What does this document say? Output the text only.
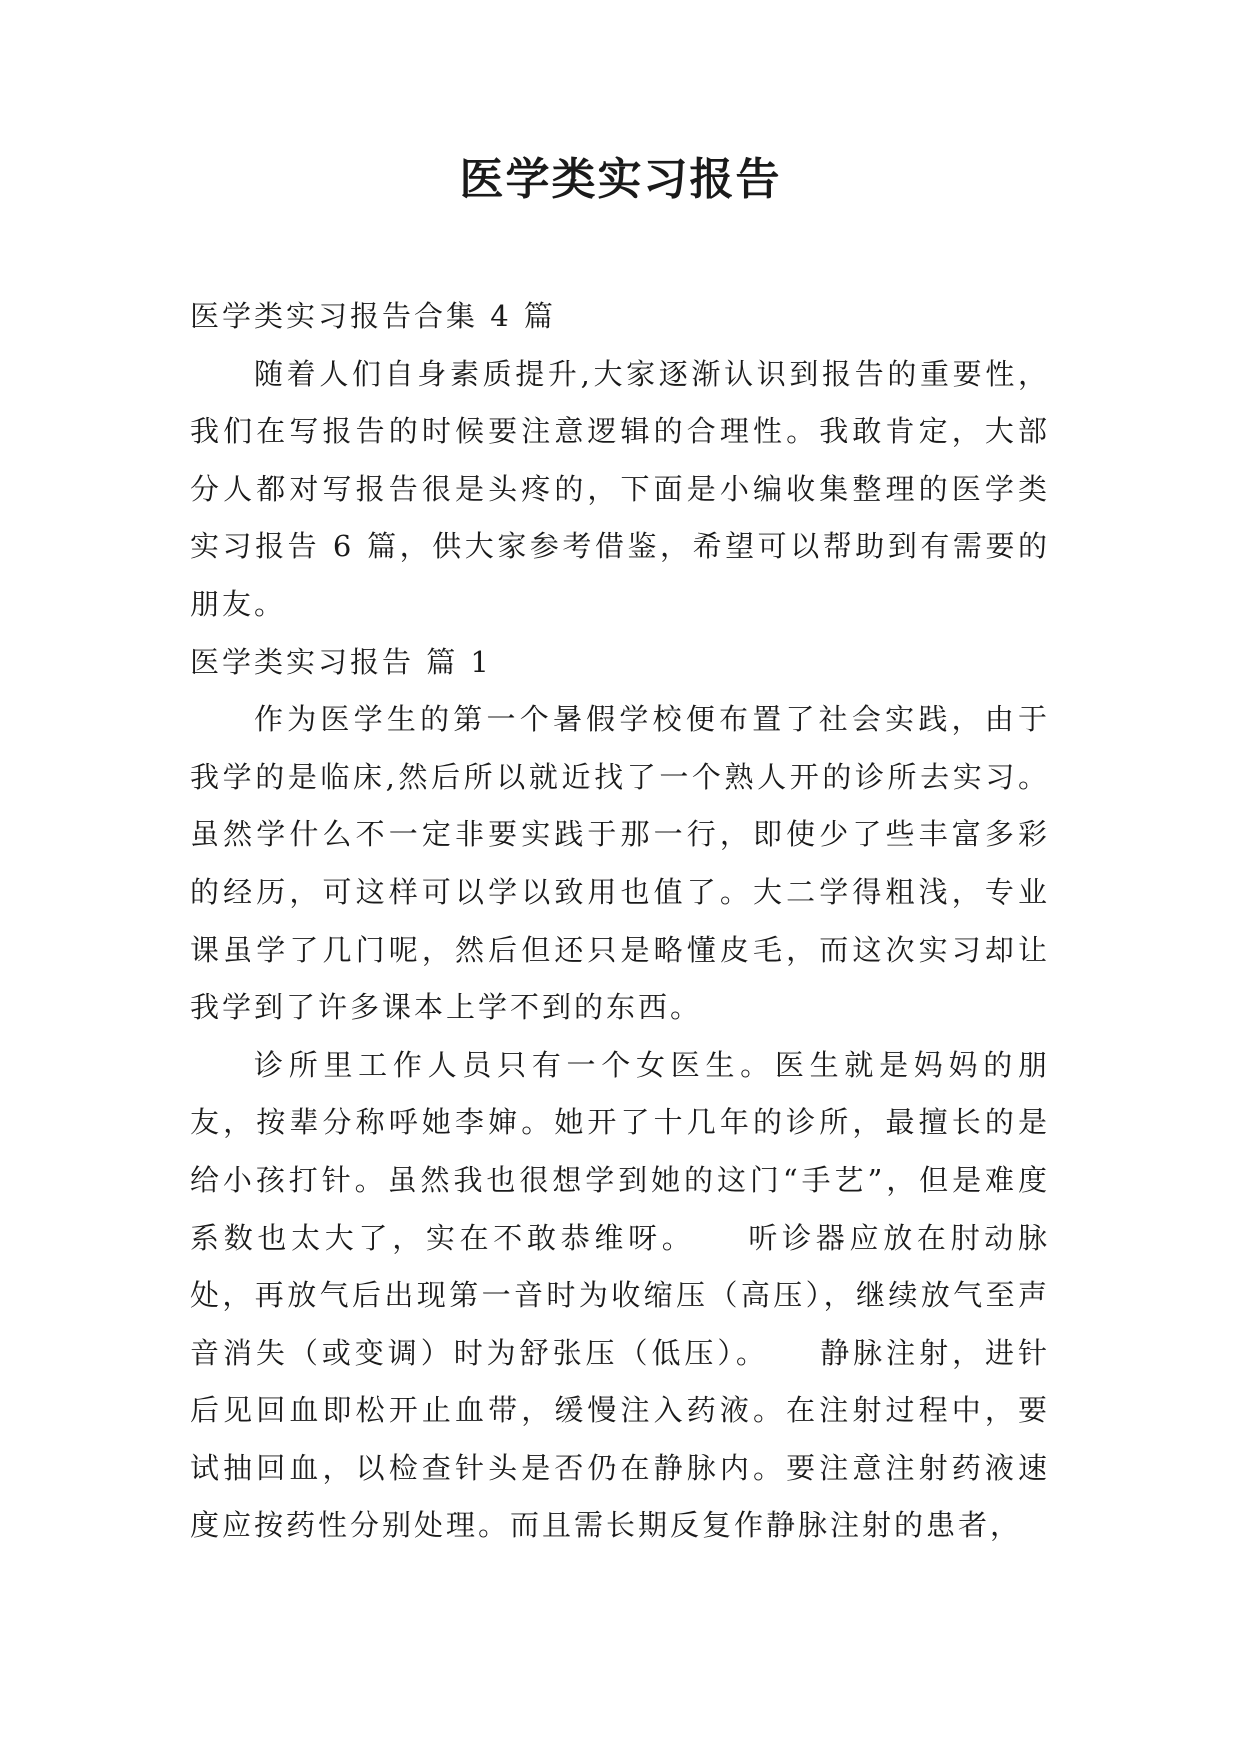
医学类实习报告

医学类实习报告合集 4 篇

随着人们自身素质提升,大家逐渐认识到报告的重要性，我们在写报告的时候要注意逻辑的合理性。我敢肯定，大部分人都对写报告很是头疼的，下面是小编收集整理的医学类实习报告 6 篇，供大家参考借鉴，希望可以帮助到有需要的朋友。

医学类实习报告 篇 1

作为医学生的第一个暑假学校便布置了社会实践，由于我学的是临床,然后所以就近找了一个熟人开的诊所去实习。虽然学什么不一定非要实践于那一行，即使少了些丰富多彩的经历，可这样可以学以致用也值了。大二学得粗浅，专业课虽学了几门呢，然后但还只是略懂皮毛，而这次实习却让我学到了许多课本上学不到的东西。

诊所里工作人员只有一个女医生。医生就是妈妈的朋友，按辈分称呼她李婶。她开了十几年的诊所，最擅长的是给小孩打针。虽然我也很想学到她的这门“手艺”，但是难度系数也太大了，实在不敢恭维呀。　　听诊器应放在肘动脉处，再放气后出现第一音时为收缩压（高压），继续放气至声音消失（或变调）时为舒张压（低压）。　　静脉注射，进针后见回血即松开止血带，缓慢注入药液。在注射过程中，要试抽回血，以检查针头是否仍在静脉内。要注意注射药液速度应按药性分别处理。而且需长期反复作静脉注射的患者，
